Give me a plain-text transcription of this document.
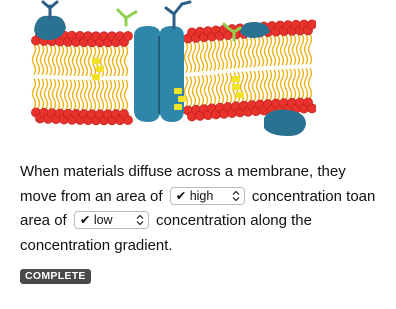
When materials diffuse across a membrane, they move from an area of ✔ high	concentration toan area of ✔ low	concentration along the concentration gradient.
COMPLETE
